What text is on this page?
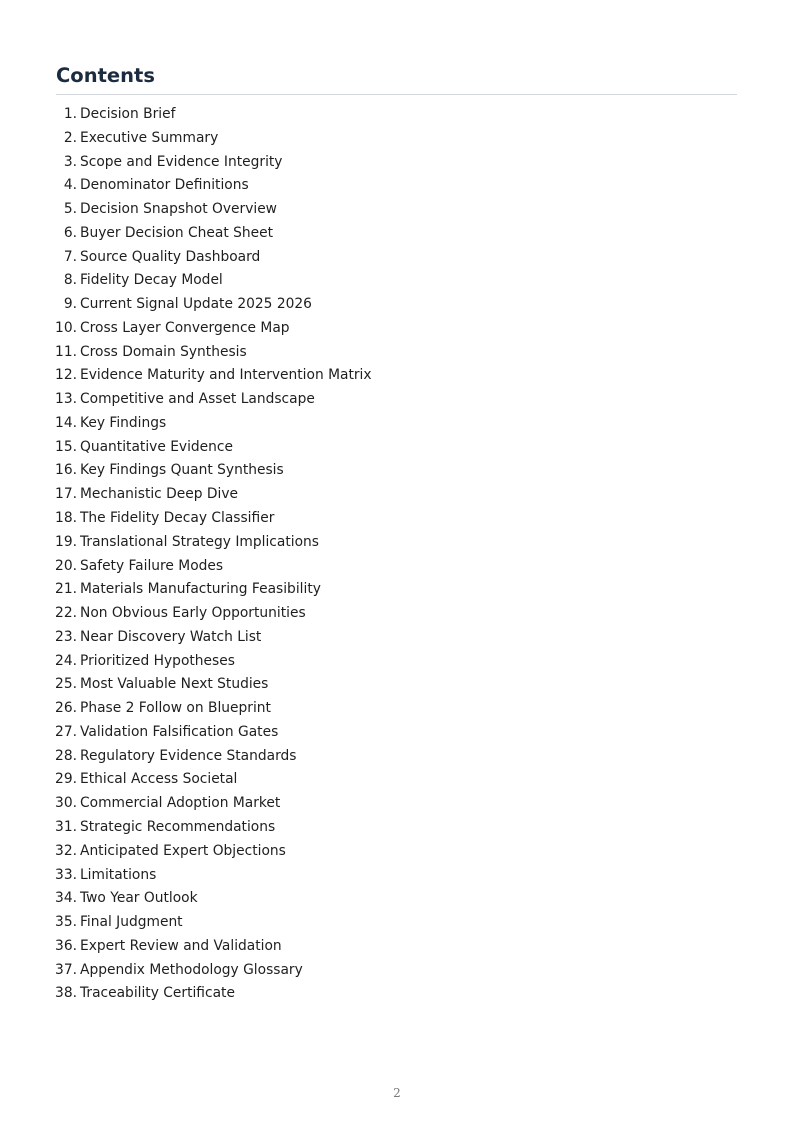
Contents
1. Decision Brief
2. Executive Summary
3. Scope and Evidence Integrity
4. Denominator Definitions
5. Decision Snapshot Overview
6. Buyer Decision Cheat Sheet
7. Source Quality Dashboard
8. Fidelity Decay Model
9. Current Signal Update 2025 2026
10. Cross Layer Convergence Map
11. Cross Domain Synthesis
12. Evidence Maturity and Intervention Matrix
13. Competitive and Asset Landscape
14. Key Findings
15. Quantitative Evidence
16. Key Findings Quant Synthesis
17. Mechanistic Deep Dive
18. The Fidelity Decay Classifier
19. Translational Strategy Implications
20. Safety Failure Modes
21. Materials Manufacturing Feasibility
22. Non Obvious Early Opportunities
23. Near Discovery Watch List
24. Prioritized Hypotheses
25. Most Valuable Next Studies
26. Phase 2 Follow on Blueprint
27. Validation Falsification Gates
28. Regulatory Evidence Standards
29. Ethical Access Societal
30. Commercial Adoption Market
31. Strategic Recommendations
32. Anticipated Expert Objections
33. Limitations
34. Two Year Outlook
35. Final Judgment
36. Expert Review and Validation
37. Appendix Methodology Glossary
38. Traceability Certificate
2
